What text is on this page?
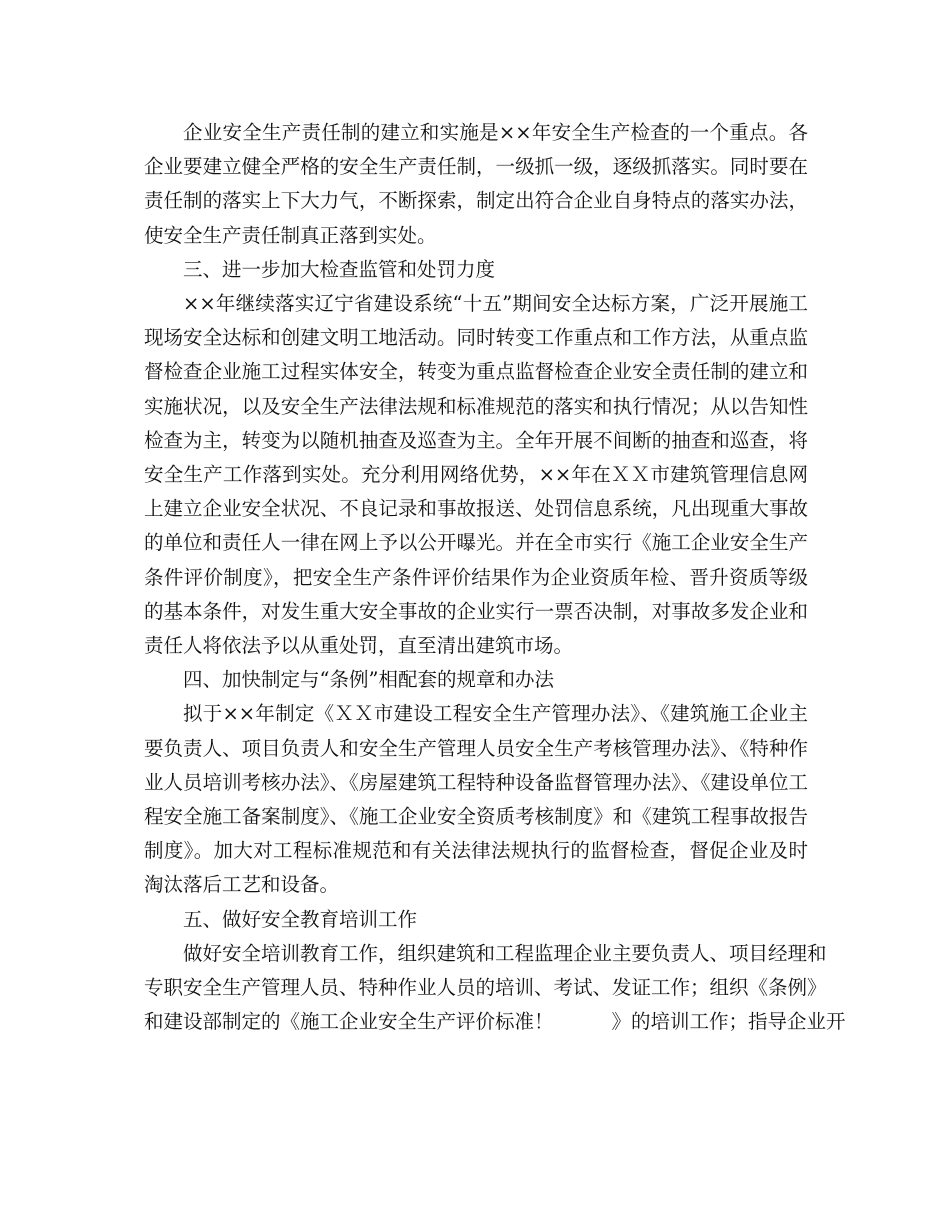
企业安全生产责任制的建立和实施是××年安全生产检查的一个重点。各企业要建立健全严格的安全生产责任制，一级抓一级，逐级抓落实。同时要在责任制的落实上下大力气，不断探索，制定出符合企业自身特点的落实办法，使安全生产责任制真正落到实处。

三、进一步加大检查监管和处罚力度

××年继续落实辽宁省建设系统“十五”期间安全达标方案，广泛开展施工现场安全达标和创建文明工地活动。同时转变工作重点和工作方法，从重点监督检查企业施工过程实体安全，转变为重点监督检查企业安全责任制的建立和实施状况，以及安全生产法律法规和标准规范的落实和执行情况；从以告知性检查为主，转变为以随机抽查及巡查为主。全年开展不间断的抽查和巡查，将安全生产工作落到实处。充分利用网络优势，××年在ＸＸ市建筑管理信息网上建立企业安全状况、不良记录和事故报送、处罚信息系统，凡出现重大事故的单位和责任人一律在网上予以公开曝光。并在全市实行《施工企业安全生产条件评价制度》，把安全生产条件评价结果作为企业资质年检、晋升资质等级的基本条件，对发生重大安全事故的企业实行一票否决制，对事故多发企业和责任人将依法予以从重处罚，直至清出建筑市场。

四、加快制定与“条例”相配套的规章和办法

拟于××年制定《ＸＸ市建设工程安全生产管理办法》、《建筑施工企业主要负责人、项目负责人和安全生产管理人员安全生产考核管理办法》、《特种作业人员培训考核办法》、《房屋建筑工程特种设备监督管理办法》、《建设单位工程安全施工备案制度》、《施工企业安全资质考核制度》和《建筑工程事故报告制度》。加大对工程标准规范和有关法律法规执行的监督检查，督促企业及时淘汰落后工艺和设备。

五、做好安全教育培训工作

做好安全培训教育工作，组织建筑和工程监理企业主要负责人、项目经理和

专职安全生产管理人员、特种作业人员的培训、考试、发证工作；组织《条例》
和建设部制定的《施工企业安全生产评价标准！	》的培训工作；指导企业开
